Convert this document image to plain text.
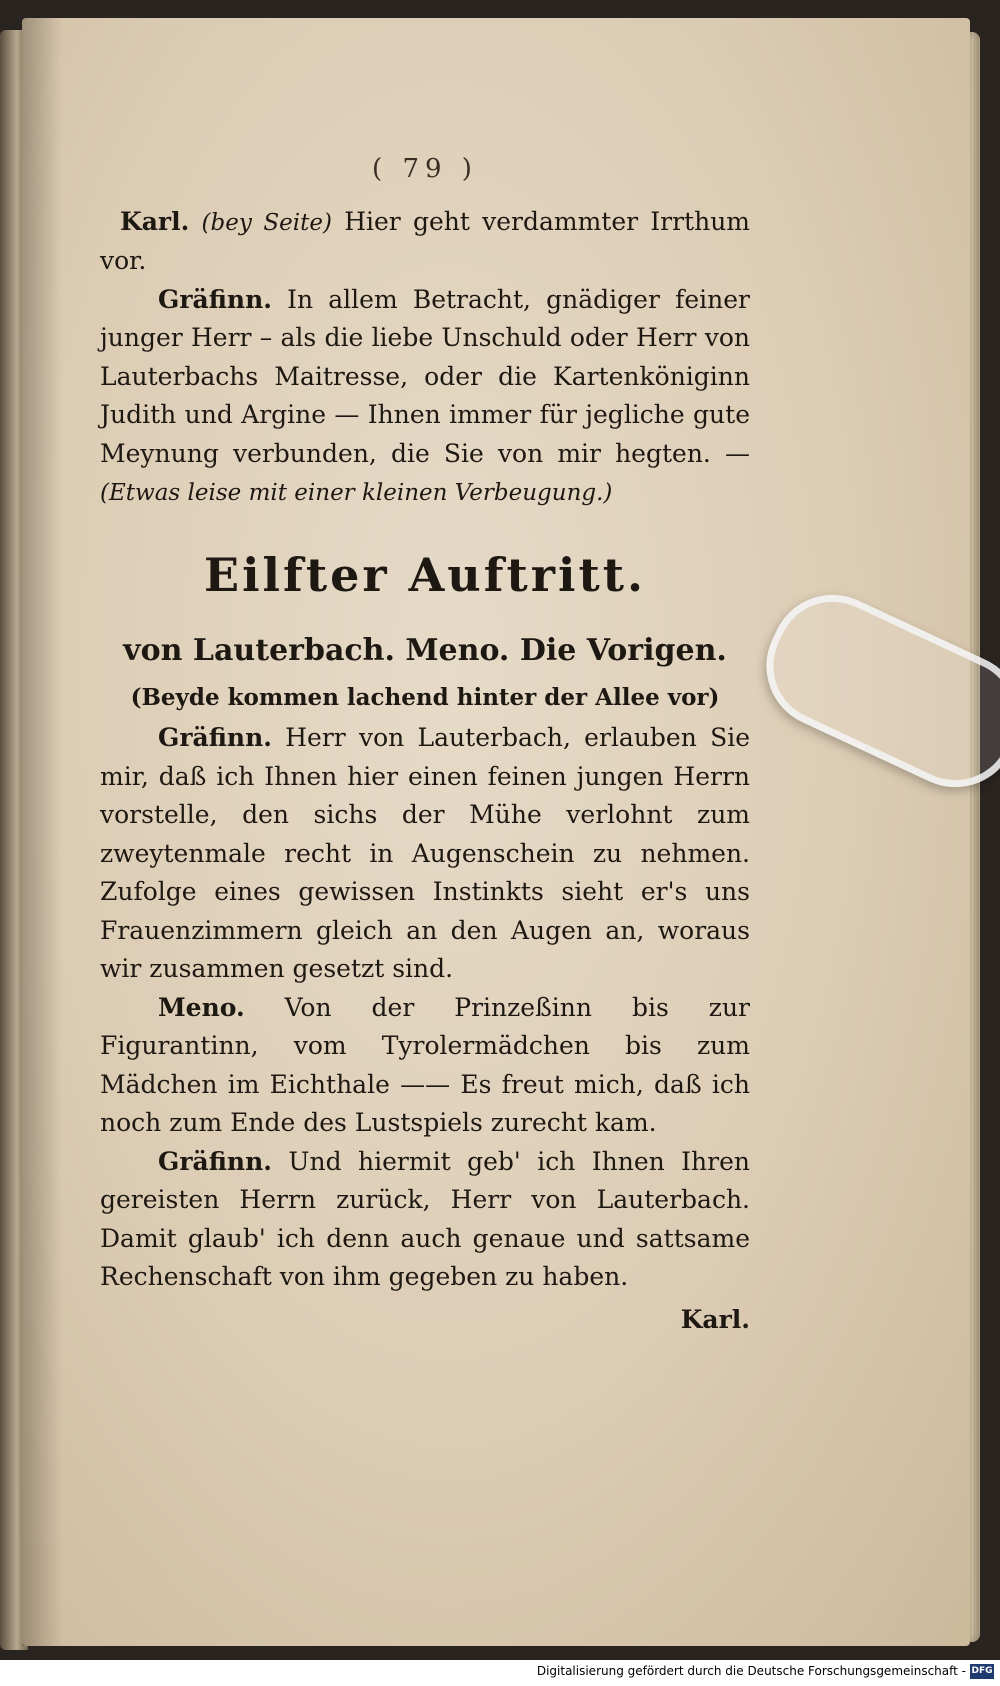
( 79 )

Karl. (bey Seite) Hier geht verdammter Irrthum vor.

Gräfinn. In allem Betracht, gnädiger feiner junger Herr – als die liebe Unschuld oder Herr von Lauterbachs Maitresse, oder die Kartenköniginn Judith und Argine — Ihnen immer für jegliche gute Meynung verbunden, die Sie von mir hegten. — (Etwas leise mit einer kleinen Verbeugung.)

Eilfter Auftritt.
von Lauterbach. Meno. Die Vorigen.
(Beyde kommen lachend hinter der Allee vor)

Gräfinn. Herr von Lauterbach, erlauben Sie mir, daß ich Ihnen hier einen feinen jungen Herrn vorstelle, den sichs der Mühe verlohnt zum zweytenmale recht in Augenschein zu nehmen. Zufolge eines gewissen Instinkts sieht er's uns Frauenzimmern gleich an den Augen an, woraus wir zusammen gesetzt sind.

Meno. Von der Prinzeßinn bis zur Figurantinn, vom Tyrolermädchen bis zum Mädchen im Eichthale —— Es freut mich, daß ich noch zum Ende des Lustspiels zurecht kam.

Gräfinn. Und hiermit geb' ich Ihnen Ihren gereisten Herrn zurück, Herr von Lauterbach. Damit glaub' ich denn auch genaue und sattsame Rechenschaft von ihm gegeben zu haben.

Karl.
Digitalisierung gefördert durch die Deutsche Forschungsgemeinschaft - DFG
